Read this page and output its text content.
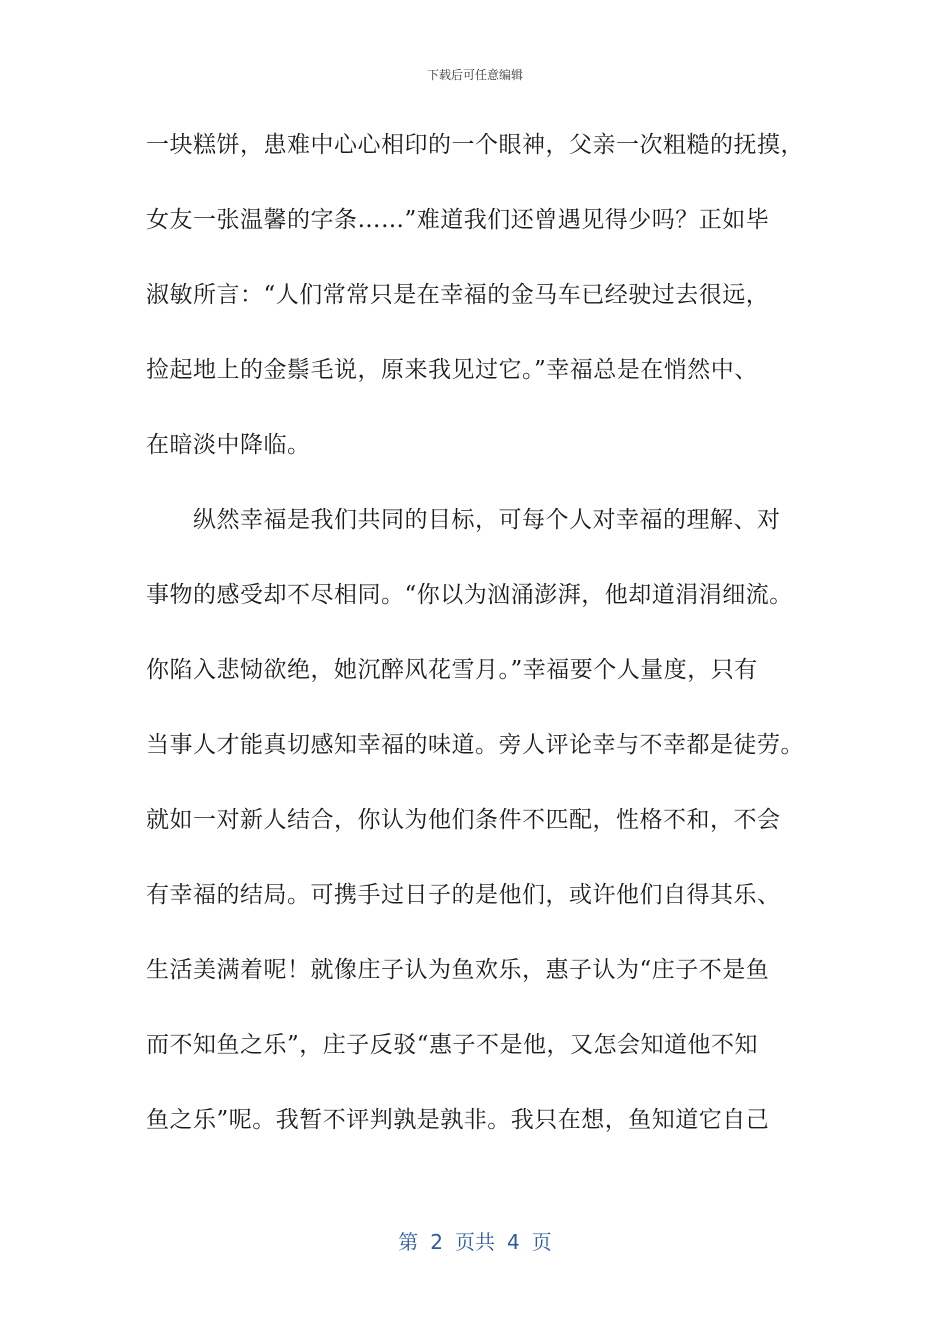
下载后可任意编辑
一块糕饼，患难中心心相印的一个眼神，父亲一次粗糙的抚摸，
女友一张温馨的字条……”难道我们还曾遇见得少吗？正如毕
淑敏所言：“人们常常只是在幸福的金马车已经驶过去很远，
捡起地上的金鬃毛说，原来我见过它。”幸福总是在悄然中、
在暗淡中降临。
　　纵然幸福是我们共同的目标，可每个人对幸福的理解、对
事物的感受却不尽相同。“你以为汹涌澎湃，他却道涓涓细流。
你陷入悲恸欲绝，她沉醉风花雪月。”幸福要个人量度，只有
当事人才能真切感知幸福的味道。旁人评论幸与不幸都是徒劳。
就如一对新人结合，你认为他们条件不匹配，性格不和，不会
有幸福的结局。可携手过日子的是他们，或许他们自得其乐、
生活美满着呢！就像庄子认为鱼欢乐，惠子认为“庄子不是鱼
而不知鱼之乐”，庄子反驳“惠子不是他，又怎会知道他不知
鱼之乐”呢。我暂不评判孰是孰非。我只在想，鱼知道它自己
第 2 页共 4 页
